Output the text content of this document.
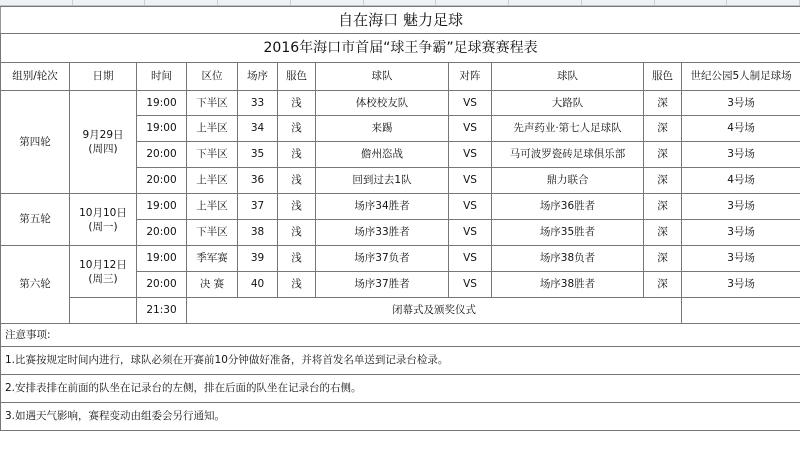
自在海口 魅力足球										
2016年海口市首届“球王争霸”足球赛赛程表										
组别/轮次	日期	时间	区位	场序	服色	球队	对阵	球队	服色	世纪公园5人制足球场
第四轮	9月29日
(周四)	19:00	下半区	33	浅	体校校友队	VS	大路队	深	3号场
		19:00	上半区	34	浅	来踢	VS	先声药业·第七人足球队	深	4号场
		20:00	下半区	35	浅	儋州恣战	VS	马可波罗瓷砖足球俱乐部	深	3号场
		20:00	上半区	36	浅	回到过去1队	VS	鼎力联合	深	4号场
第五轮	10月10日
(周一)	19:00	上半区	37	浅	场序34胜者	VS	场序36胜者	深	3号场
		20:00	下半区	38	浅	场序33胜者	VS	场序35胜者	深	3号场
第六轮	10月12日
(周三)	19:00	季军赛	39	浅	场序37负者	VS	场序38负者	深	3号场
		20:00	决 赛	40	浅	场序37胜者	VS	场序38胜者	深	3号场
		21:30	闭幕式及颁奖仪式							
注意事项:										
1.比赛按规定时间内进行，球队必须在开赛前10分钟做好准备，并将首发名单送到记录台检录。										
2.安排表排在前面的队坐在记录台的左侧，排在后面的队坐在记录台的右侧。										
3.如遇天气影响，赛程变动由组委会另行通知。										
